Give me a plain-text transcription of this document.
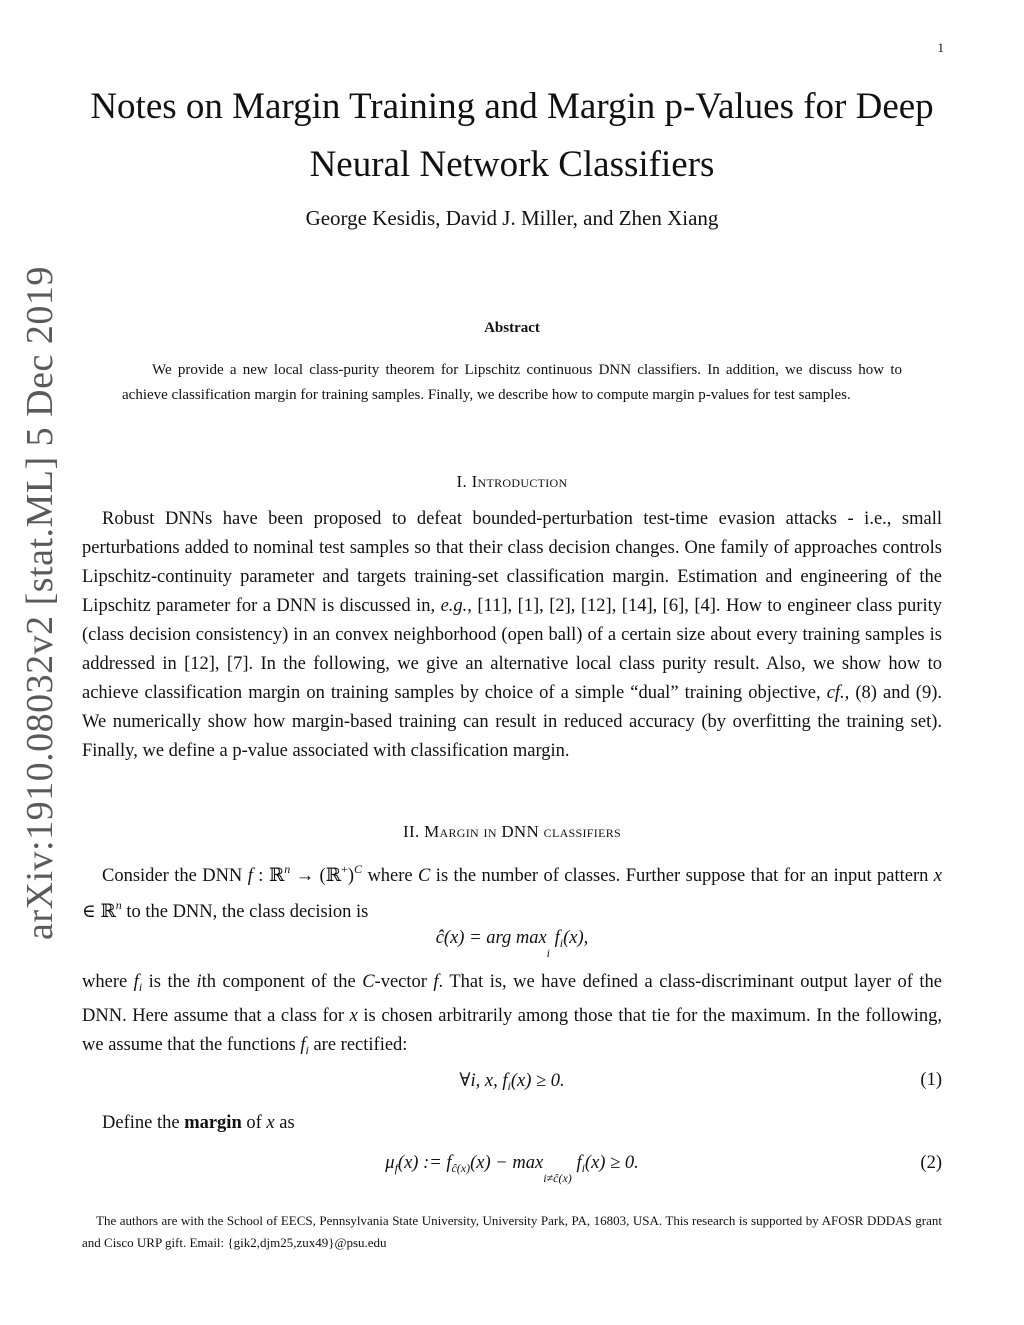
1
arXiv:1910.08032v2 [stat.ML] 5 Dec 2019
Notes on Margin Training and Margin p-Values for Deep Neural Network Classifiers
George Kesidis, David J. Miller, and Zhen Xiang
Abstract

We provide a new local class-purity theorem for Lipschitz continuous DNN classifiers. In addition, we discuss how to achieve classification margin for training samples. Finally, we describe how to compute margin p-values for test samples.

I. Introduction

Robust DNNs have been proposed to defeat bounded-perturbation test-time evasion attacks - i.e., small perturbations added to nominal test samples so that their class decision changes. One family of approaches controls Lipschitz-continuity parameter and targets training-set classification margin. Estimation and engineering of the Lipschitz parameter for a DNN is discussed in, e.g., [11], [1], [2], [12], [14], [6], [4]. How to engineer class purity (class decision consistency) in an convex neighborhood (open ball) of a certain size about every training samples is addressed in [12], [7]. In the following, we give an alternative local class purity result. Also, we show how to achieve classification margin on training samples by choice of a simple “dual” training objective, cf., (8) and (9). We numerically show how margin-based training can result in reduced accuracy (by overfitting the training set). Finally, we define a p-value associated with classification margin.

II. Margin in DNN classifiers

Consider the DNN f : ℝ$^n$ → (ℝ+)$^C$ where C is the number of classes. Further suppose that for an input pattern x ∈ ℝ$^n$ to the DNN, the class decision is

ĉ(x) = arg max
i
$f_i(x)$,

where $f_i$ is the ith component of the C-vector f. That is, we have defined a class-discriminant output layer of the DNN. Here assume that a class for x is chosen arbitrarily among those that tie for the maximum. In the following, we assume that the functions $f_i$ are rectified:

∀i, x, $f_i(x) \ge 0$.	(1)

Define the margin of x as

$\mu_f(x)$ := $f_{ĉ(x)}(x) - \max$
i≠ĉ(x)
$f_i(x) \ge 0$.	(2)

The authors are with the School of EECS, Pennsylvania State University, University Park, PA, 16803, USA. This research is supported by AFOSR DDDAS grant and Cisco URP gift. Email: {gik2,djm25,zux49}@psu.edu
